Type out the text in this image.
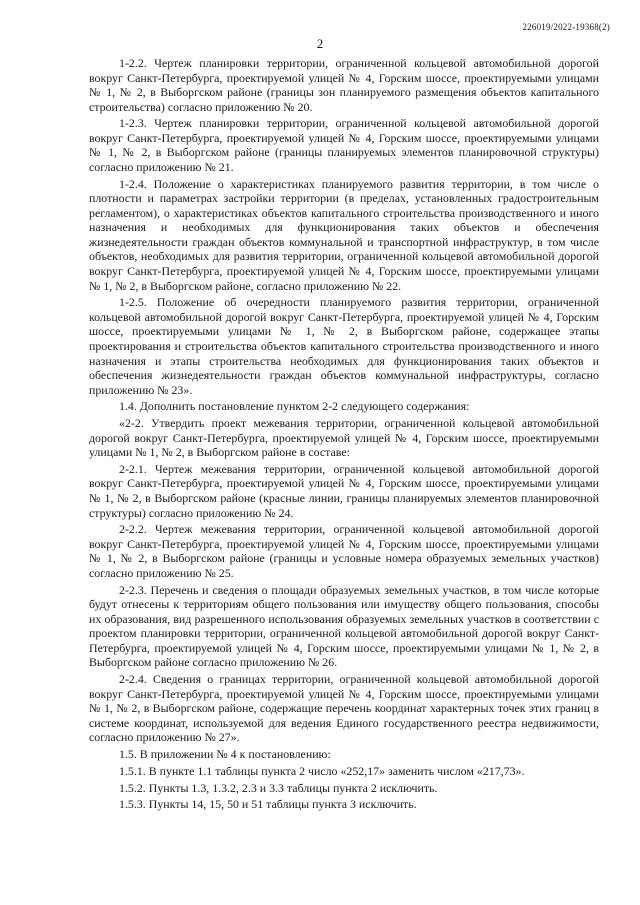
226019/2022-19368(2)
2

1-2.2. Чертеж планировки территории, ограниченной кольцевой автомобильной дорогой вокруг Санкт-Петербурга, проектируемой улицей № 4, Горским шоссе, проектируемыми улицами № 1, № 2, в Выборгском районе (границы зон планируемого размещения объектов капитального строительства) согласно приложению № 20.

1-2.3. Чертеж планировки территории, ограниченной кольцевой автомобильной дорогой вокруг Санкт-Петербурга, проектируемой улицей № 4, Горским шоссе, проектируемыми улицами № 1, № 2, в Выборгском районе (границы планируемых элементов планировочной структуры) согласно приложению № 21.

1-2.4. Положение о характеристиках планируемого развития территории, в том числе о плотности и параметрах застройки территории (в пределах, установленных градостроительным регламентом), о характеристиках объектов капитального строительства производственного и иного назначения и необходимых для функционирования таких объектов и обеспечения жизнедеятельности граждан объектов коммунальной и транспортной инфраструктур, в том числе объектов, необходимых для развития территории, ограниченной кольцевой автомобильной дорогой вокруг Санкт-Петербурга, проектируемой улицей № 4, Горским шоссе, проектируемыми улицами № 1, № 2, в Выборгском районе, согласно приложению № 22.

1-2.5. Положение об очередности планируемого развития территории, ограниченной кольцевой автомобильной дорогой вокруг Санкт-Петербурга, проектируемой улицей № 4, Горским шоссе, проектируемыми улицами № 1, № 2, в Выборгском районе, содержащее этапы проектирования и строительства объектов капитального строительства производственного и иного назначения и этапы строительства необходимых для функционирования таких объектов и обеспечения жизнедеятельности граждан объектов коммунальной инфраструктуры, согласно приложению № 23».

1.4. Дополнить постановление пунктом 2-2 следующего содержания:

«2-2. Утвердить проект межевания территории, ограниченной кольцевой автомобильной дорогой вокруг Санкт-Петербурга, проектируемой улицей № 4, Горским шоссе, проектируемыми улицами № 1, № 2, в Выборгском районе в составе:

2-2.1. Чертеж межевания территории, ограниченной кольцевой автомобильной дорогой вокруг Санкт-Петербурга, проектируемой улицей № 4, Горским шоссе, проектируемыми улицами № 1, № 2, в Выборгском районе (красные линии, границы планируемых элементов планировочной структуры) согласно приложению № 24.

2-2.2. Чертеж межевания территории, ограниченной кольцевой автомобильной дорогой вокруг Санкт-Петербурга, проектируемой улицей № 4, Горским шоссе, проектируемыми улицами № 1, № 2, в Выборгском районе (границы и условные номера образуемых земельных участков) согласно приложению № 25.

2-2.3. Перечень и сведения о площади образуемых земельных участков, в том числе которые будут отнесены к территориям общего пользования или имуществу общего пользования, способы их образования, вид разрешенного использования образуемых земельных участков в соответствии с проектом планировки территории, ограниченной кольцевой автомобильной дорогой вокруг Санкт-Петербурга, проектируемой улицей № 4, Горским шоссе, проектируемыми улицами № 1, № 2, в Выборгском районе согласно приложению № 26.

2-2.4. Сведения о границах территории, ограниченной кольцевой автомобильной дорогой вокруг Санкт-Петербурга, проектируемой улицей № 4, Горским шоссе, проектируемыми улицами № 1, № 2, в Выборгском районе, содержащие перечень координат характерных точек этих границ в системе координат, используемой для ведения Единого государственного реестра недвижимости, согласно приложению № 27».

1.5. В приложении № 4 к постановлению:

1.5.1. В пункте 1.1 таблицы пункта 2 число «252,17» заменить числом «217,73».

1.5.2. Пункты 1.3, 1.3.2, 2.3 и 3.3 таблицы пункта 2 исключить.

1.5.3. Пункты 14, 15, 50 и 51 таблицы пункта 3 исключить.
